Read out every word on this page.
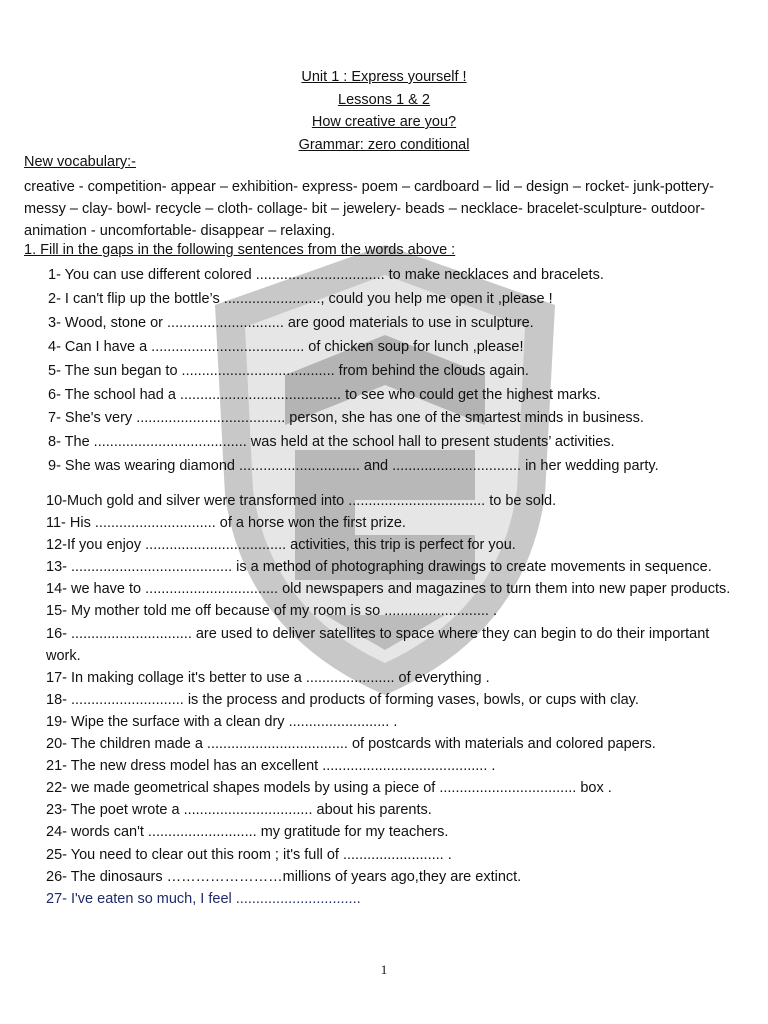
Unit 1 : Express yourself !
Lessons 1 & 2
How creative are you?
Grammar: zero conditional
New vocabulary:-
creative - competition- appear – exhibition- express- poem – cardboard – lid – design – rocket- junk-pottery- messy – clay- bowl- recycle – cloth- collage- bit – jewelery- beads – necklace- bracelet-sculpture- outdoor- animation - uncomfortable- disappear – relaxing.
1. Fill in the gaps in the following sentences from the words above :
1- You can use different colored ................................ to make necklaces and bracelets.
2- I can't flip up the bottle’s ........................, could you help me open it ,please !
3- Wood, stone or ............................. are good materials to use in sculpture.
4- Can I have a ...................................... of chicken soup for lunch ,please!
5- The sun began to ...................................... from behind the clouds again.
6- The school had a ........................................ to see who could get the highest marks.
7- She's very ..................................... person, she has one of the smartest minds in business.
8- The ...................................... was held at the school hall to present students’ activities.
9- She was wearing diamond .............................. and ................................ in her wedding party.
10-Much gold and silver were transformed into .................................. to be sold.
11- His .............................. of a horse won the first prize.
12-If you enjoy ................................... activities, this trip is perfect for you.
13- ........................................ is a method of photographing drawings to create movements in sequence.
14- we have to ................................. old newspapers and magazines to turn them into new paper products.
15- My mother told me off because of my room is so .......................... .
16- .............................. are used to deliver satellites to space where they can begin to do their important work.
17- In making collage it's better to use a ...................... of everything .
18- ............................ is the process and products of forming vases, bowls, or cups with clay.
19- Wipe the surface with a clean dry ......................... .
20- The children made a ................................... of postcards with materials and colored papers.
21- The new dress model has an excellent ......................................... .
22- we made geometrical shapes models by using a piece of .................................. box .
23- The poet wrote a ................................ about his parents.
24- words can't ........................... my gratitude for my teachers.
25- You need to clear out this room ; it's full of ......................... .
26- The dinosaurs ……………………millions of years ago,they are extinct.
27- I've eaten so much, I feel ...............................
1
